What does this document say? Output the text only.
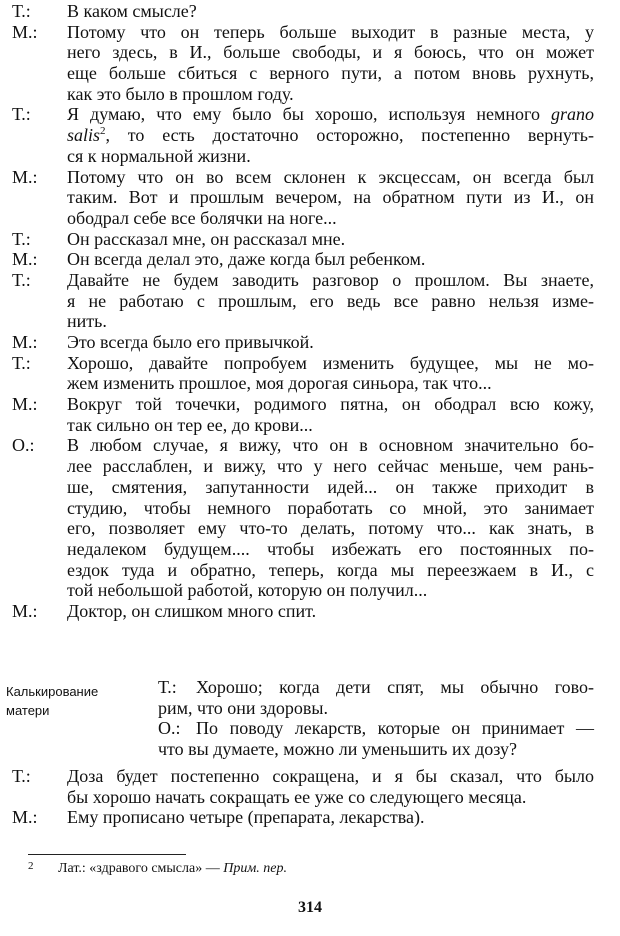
Т.: В каком смысле?
М.: Потому что он теперь больше выходит в разные места, у
него здесь, в И., больше свободы, и я боюсь, что он может
еще больше сбиться с верного пути, а потом вновь рухнуть,
как это было в прошлом году.
Т.: Я думаю, что ему было бы хорошо, используя немного grano
salis$^2$, то есть достаточно осторожно, постепенно вернуть-
ся к нормальной жизни.
М.: Потому что он во всем склонен к эксцессам, он всегда был
таким. Вот и прошлым вечером, на обратном пути из И., он
ободрал себе все болячки на ноге...
Т.: Он рассказал мне, он рассказал мне.
М.: Он всегда делал это, даже когда был ребенком.
Т.: Давайте не будем заводить разговор о прошлом. Вы знаете,
я не работаю с прошлым, его ведь все равно нельзя изме-
нить.
М.: Это всегда было его привычкой.
Т.: Хорошо, давайте попробуем изменить будущее, мы не мо-
жем изменить прошлое, моя дорогая синьора, так что...
М.: Вокруг той точечки, родимого пятна, он ободрал всю кожу,
так сильно он тер ее, до крови...
О.: В любом случае, я вижу, что он в основном значительно бо-
лее расслаблен, и вижу, что у него сейчас меньше, чем рань-
ше, смятения, запутанности идей... он также приходит в
студию, чтобы немного поработать со мной, это занимает
его, позволяет ему что-то делать, потому что... как знать, в
недалеком будущем.... чтобы избежать его постоянных по-
ездок туда и обратно, теперь, когда мы переезжаем в И., с
той небольшой работой, которую он получил...
М.: Доктор, он слишком много спит.
Калькирование
матери
Т.: Хорошо; когда дети спят, мы обычно гово-
рим, что они здоровы.
О.: По поводу лекарств, которые он принимает —
что вы думаете, можно ли уменьшить их дозу?
Т.: Доза будет постепенно сокращена, и я бы сказал, что было
бы хорошо начать сокращать ее уже со следующего месяца.
М.: Ему прописано четыре (препарата, лекарства).
2 Лат.: «здравого смысла» — Прим. пер.
314
